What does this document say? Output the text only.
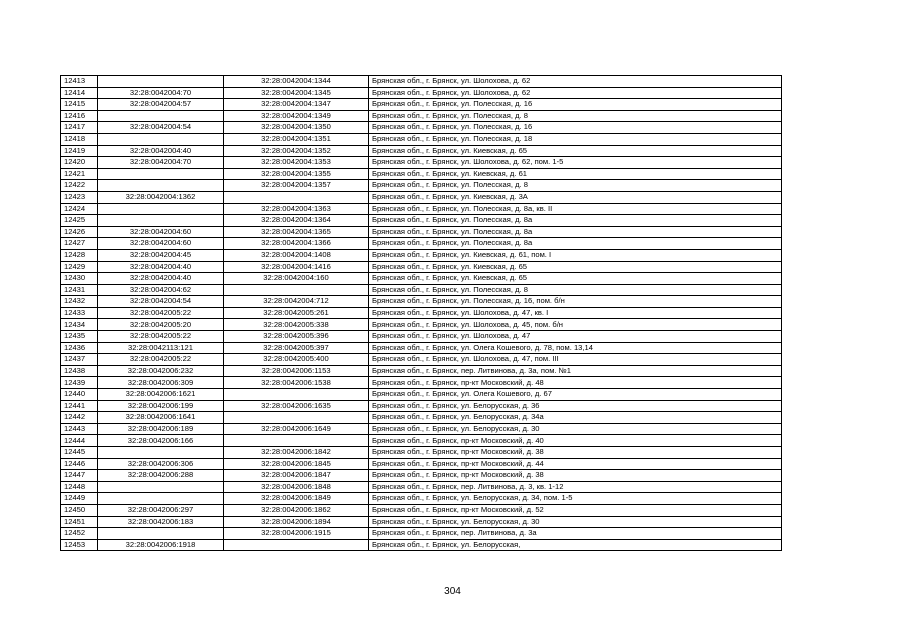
12413		32:28:0042004:1344	Брянская обл., г. Брянск, ул. Шолохова, д. 62
12414	32:28:0042004:70	32:28:0042004:1345	Брянская обл., г. Брянск, ул. Шолохова, д. 62
12415	32:28:0042004:57	32:28:0042004:1347	Брянская обл., г. Брянск, ул. Полесская, д. 16
12416		32:28:0042004:1349	Брянская обл., г. Брянск, ул. Полесская, д. 8
12417	32:28:0042004:54	32:28:0042004:1350	Брянская обл., г. Брянск, ул. Полесская, д. 16
12418		32:28:0042004:1351	Брянская обл., г. Брянск, ул. Полесская, д. 18
12419	32:28:0042004:40	32:28:0042004:1352	Брянская обл., г. Брянск, ул. Киевская, д. 65
12420	32:28:0042004:70	32:28:0042004:1353	Брянская обл., г. Брянск, ул. Шолохова, д. 62, пом. 1-5
12421		32:28:0042004:1355	Брянская обл., г. Брянск, ул. Киевская, д. 61
12422		32:28:0042004:1357	Брянская обл., г. Брянск, ул. Полесская, д. 8
12423	32:28:0042004:1362		Брянская обл., г. Брянск, ул. Киевская, д. 3А
12424		32:28:0042004:1363	Брянская обл., г. Брянск, ул. Полесская, д. 8а, кв. II
12425		32:28:0042004:1364	Брянская обл., г. Брянск, ул. Полесская, д. 8а
12426	32:28:0042004:60	32:28:0042004:1365	Брянская обл., г. Брянск, ул. Полесская, д. 8а
12427	32:28:0042004:60	32:28:0042004:1366	Брянская обл., г. Брянск, ул. Полесская, д. 8а
12428	32:28:0042004:45	32:28:0042004:1408	Брянская обл., г. Брянск, ул. Киевская, д. 61, пом. I
12429	32:28:0042004:40	32:28:0042004:1416	Брянская обл., г. Брянск, ул. Киевская, д. 65
12430	32:28:0042004:40	32:28:0042004:160	Брянская обл., г. Брянск, ул. Киевская, д. 65
12431	32:28:0042004:62		Брянская обл., г. Брянск, ул. Полесская, д. 8
12432	32:28:0042004:54	32:28:0042004:712	Брянская обл., г. Брянск, ул. Полесская, д. 16, пом. б/н
12433	32:28:0042005:22	32:28:0042005:261	Брянская обл., г. Брянск, ул. Шолохова, д. 47, кв. I
12434	32:28:0042005:20	32:28:0042005:338	Брянская обл., г. Брянск, ул. Шолохова, д. 45, пом. б/н
12435	32:28:0042005:22	32:28:0042005:396	Брянская обл., г. Брянск, ул. Шолохова, д. 47
12436	32:28:0042113:121	32:28:0042005:397	Брянская обл., г. Брянск, ул. Олега Кошевого, д. 78, пом. 13,14
12437	32:28:0042005:22	32:28:0042005:400	Брянская обл., г. Брянск, ул. Шолохова, д. 47, пом. III
12438	32:28:0042006:232	32:28:0042006:1153	Брянская обл., г. Брянск, пер. Литвинова, д. 3а, пом. №1
12439	32:28:0042006:309	32:28:0042006:1538	Брянская обл., г. Брянск, пр-кт Московский, д. 48
12440	32:28:0042006:1621		Брянская обл., г. Брянск, ул. Олега Кошевого, д. 67
12441	32:28:0042006:199	32:28:0042006:1635	Брянская обл., г. Брянск, ул. Белорусская, д. 36
12442	32:28:0042006:1641		Брянская обл., г. Брянск, ул. Белорусская, д. 34а
12443	32:28:0042006:189	32:28:0042006:1649	Брянская обл., г. Брянск, ул. Белорусская, д. 30
12444	32:28:0042006:166		Брянская обл., г. Брянск, пр-кт Московский, д. 40
12445		32:28:0042006:1842	Брянская обл., г. Брянск, пр-кт Московский, д. 38
12446	32:28:0042006:306	32:28:0042006:1845	Брянская обл., г. Брянск, пр-кт Московский, д. 44
12447	32:28:0042006:288	32:28:0042006:1847	Брянская обл., г. Брянск, пр-кт Московский, д. 38
12448		32:28:0042006:1848	Брянская обл., г. Брянск, пер. Литвинова, д. 3, кв. 1-12
12449		32:28:0042006:1849	Брянская обл., г. Брянск, ул. Белорусская, д. 34, пом. 1-5
12450	32:28:0042006:297	32:28:0042006:1862	Брянская обл., г. Брянск, пр-кт Московский, д. 52
12451	32:28:0042006:183	32:28:0042006:1894	Брянская обл., г. Брянск, ул. Белорусская, д. 30
12452		32:28:0042006:1915	Брянская обл., г. Брянск, пер. Литвинова, д. 3а
12453	32:28:0042006:1918		Брянская обл., г. Брянск, ул. Белорусская,
304
